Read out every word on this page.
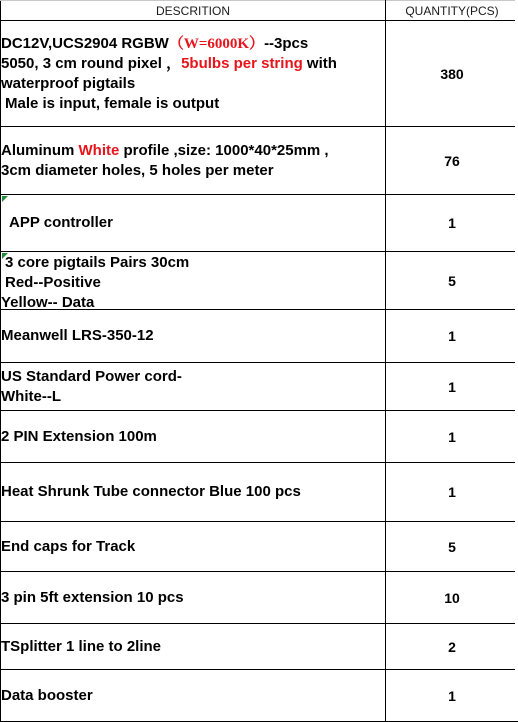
DESCRITION	QUANTITY(PCS)

DC12V,UCS2904 RGBW（W=6000K）--3pcs
5050, 3 cm round pixel ，5bulbs per string with
waterproof pigtails
Male is input, female is output	380

Aluminum White profile ,size: 1000*40*25mm ,
3cm diameter holes, 5 holes per meter	76

APP controller	1

3 core pigtails Pairs 30cm
Red--Positive
Yellow-- Data	5

Meanwell LRS-350-12	1

US Standard Power cord-
White--L	1

2 PIN Extension 100m	1

Heat Shrunk Tube connector Blue 100 pcs	1

End caps for Track	5

3 pin 5ft extension 10 pcs	10

TSplitter 1 line to 2line	2

Data booster	1
